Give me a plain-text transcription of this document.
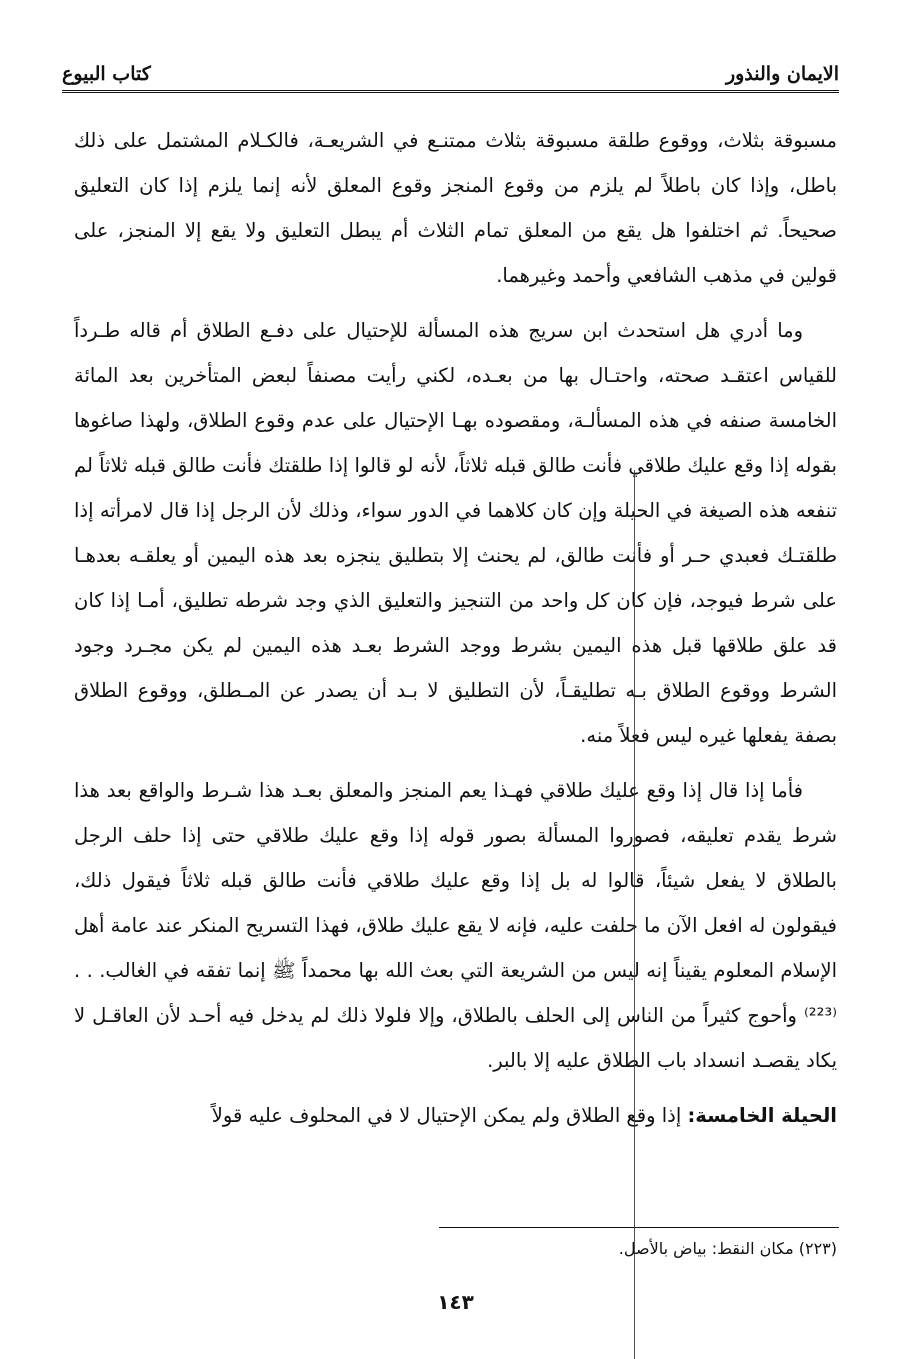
الايمان والنذور
كتاب البيوع

مسبوقة بثلاث، ووقوع طلقة مسبوقة بثلاث ممتنـع في الشريعـة، فالكـلام المشتمل على ذلك باطل، وإذا كان باطلاً لم يلزم من وقوع المنجز وقوع المعلق لأنه إنما يلزم إذا كان التعليق صحيحاً. ثم اختلفوا هل يقع من المعلق تمام الثلاث أم يبطل التعليق ولا يقع إلا المنجز، على قولين في مذهب الشافعي وأحمد وغيرهما.

وما أدري هل استحدث ابن سريج هذه المسألة للإحتيال على دفـع الطلاق أم قاله طـرداً للقياس اعتقـد صحته، واحتـال بها من بعـده، لكني رأيت مصنفاً لبعض المتأخرين بعد المائة الخامسة صنفه في هذه المسألـة، ومقصوده بهـا الإحتيال على عدم وقوع الطلاق، ولهذا صاغوها بقوله إذا وقع عليك طلاقي فأنت طالق قبله ثلاثاً، لأنه لو قالوا إذا طلقتك فأنت طالق قبله ثلاثاً لم تنفعه هذه الصيغة في الحيلة وإن كان كلاهما في الدور سواء، وذلك لأن الرجل إذا قال لامرأته إذا طلقتـك فعبدي حـر أو فأنت طالق، لم يحنث إلا بتطليق ينجزه بعد هذه اليمين أو يعلقـه بعدهـا على شرط فيوجد، فإن كان كل واحد من التنجيز والتعليق الذي وجد شرطه تطليق، أمـا إذا كان قد علق طلاقها قبل هذه اليمين بشرط ووجد الشرط بعـد هذه اليمين لم يكن مجـرد وجود الشرط ووقوع الطلاق بـه تطليقـاً، لأن التطليق لا بـد أن يصدر عن المـطلق، ووقوع الطلاق بصفة يفعلها غيره ليس فعلاً منه.

فأما إذا قال إذا وقع عليك طلاقي فهـذا يعم المنجز والمعلق بعـد هذا شـرط والواقع بعد هذا شرط يقدم تعليقه، فصوروا المسألة بصور قوله إذا وقع عليك طلاقي حتى إذا حلف الرجل بالطلاق لا يفعل شيئاً، قالوا له بل إذا وقع عليك طلاقي فأنت طالق قبله ثلاثاً فيقول ذلك، فيقولون له افعل الآن ما حلفت عليه، فإنه لا يقع عليك طلاق، فهذا التسريح المنكر عند عامة أهل الإسلام المعلوم يقيناً إنه ليس من الشريعة التي بعث الله بها محمداً ﷺ إنما تفقه في الغالب. . .⁽²²³⁾ وأحوج كثيراً من الناس إلى الحلف بالطلاق، وإلا فلولا ذلك لم يدخل فيه أحـد لأن العاقـل لا يكاد يقصـد انسداد باب الطلاق عليه إلا بالبر.

الحيلة الخامسة: إذا وقع الطلاق ولم يمكن الإحتيال لا في المحلوف عليه قولاً

(٢٢٣) مكان النقط: بياض بالأصل.
١٤٣
